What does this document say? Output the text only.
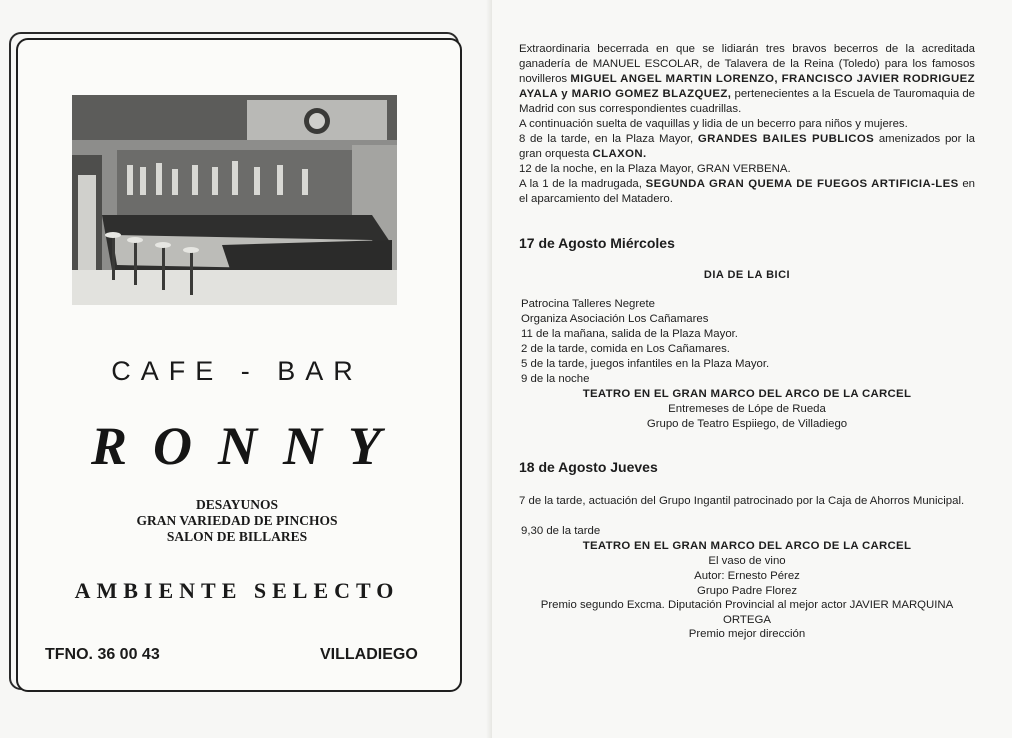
CAFE - BAR
RONNY
DESAYUNOS
GRAN VARIEDAD DE PINCHOS
SALON DE BILLARES
AMBIENTE SELECTO
TFNO. 36 00 43	VILLADIEGO

Extraordinaria becerrada en que se lidiarán tres bravos becerros de la acreditada ganadería de MANUEL ESCOLAR, de Talavera de la Reina (Toledo) para los famosos novilleros MIGUEL ANGEL MARTIN LORENZO, FRANCISCO JAVIER RODRIGUEZ AYALA y MARIO GOMEZ BLAZQUEZ, pertenecientes a la Escuela de Tauromaquia de Madrid con sus correspondientes cuadrillas.

A continuación suelta de vaquillas y lidia de un becerro para niños y mujeres.

8 de la tarde, en la Plaza Mayor, GRANDES BAILES PUBLICOS amenizados por la gran orquesta CLAXON.

12 de la noche, en la Plaza Mayor, GRAN VERBENA.

A la 1 de la madrugada, SEGUNDA GRAN QUEMA DE FUEGOS ARTIFICIA-LES en el aparcamiento del Matadero.

17 de Agosto Miércoles
DIA DE LA BICI
Patrocina Talleres Negrete
Organiza Asociación Los Cañamares
11 de la mañana, salida de la Plaza Mayor.
2 de la tarde, comida en Los Cañamares.
5 de la tarde, juegos infantiles en la Plaza Mayor.
9 de la noche
TEATRO EN EL GRAN MARCO DEL ARCO DE LA CARCEL
Entremeses de Lópe de Rueda
Grupo de Teatro Espiiego, de Villadiego
18 de Agosto Jueves
7 de la tarde, actuación del Grupo Ingantil patrocinado por la Caja de Ahorros Municipal.
9,30 de la tarde
TEATRO EN EL GRAN MARCO DEL ARCO DE LA CARCEL
El vaso de vino
Autor: Ernesto Pérez
Grupo Padre Florez
Premio segundo Excma. Diputación Provincial al mejor actor JAVIER MARQUINA ORTEGA
Premio mejor dirección
